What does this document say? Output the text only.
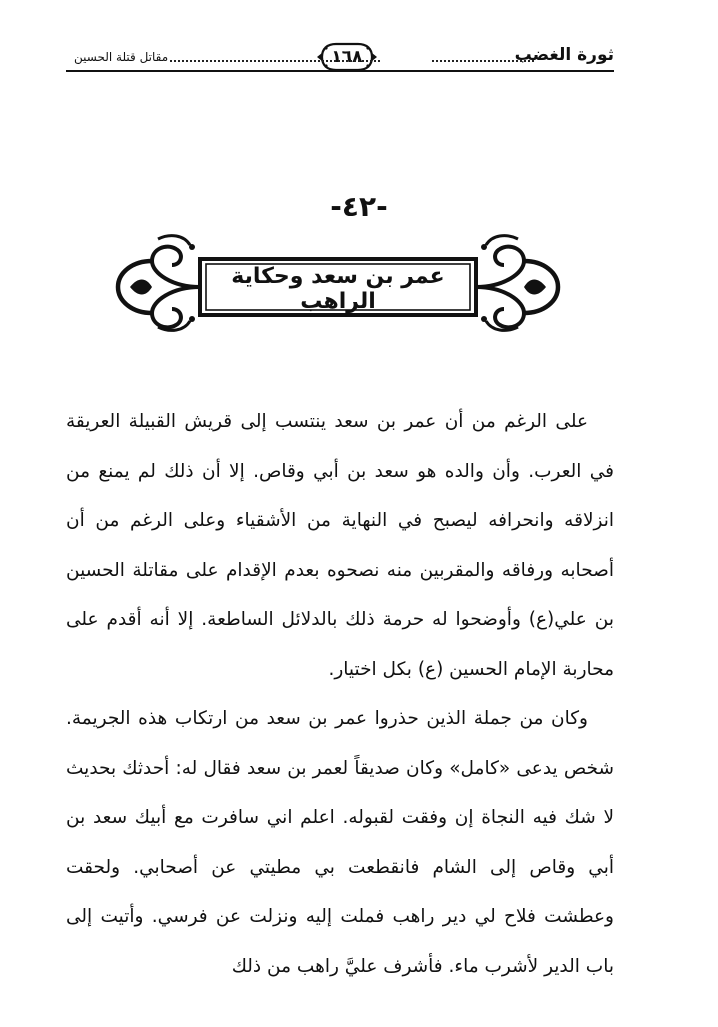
ثورة الغضب
١٦٨
مقاتل قتلة الحسين
-٤٢-
عمر بن سعد وحكاية الراهب

على الرغم من أن عمر بن سعد ينتسب إلى قريش القبيلة العريقة في العرب. وأن والده هو سعد بن أبي وقاص. إلا أن ذلك لم يمنع من انزلاقه وانحرافه ليصبح في النهاية من الأشقياء وعلى الرغم من أن أصحابه ورفاقه والمقربين منه نصحوه بعدم الإقدام على مقاتلة الحسين بن علي(ع) وأوضحوا له حرمة ذلك بالدلائل الساطعة. إلا أنه أقدم على محاربة الإمام الحسين (ع) بكل اختيار.

وكان من جملة الذين حذروا عمر بن سعد من ارتكاب هذه الجريمة. شخص يدعى «كامل» وكان صديقاً لعمر بن سعد فقال له: أحدثك بحديث لا شك فيه النجاة إن وفقت لقبوله. اعلم اني سافرت مع أبيك سعد بن أبي وقاص إلى الشام فانقطعت بي مطيتي عن أصحابي. ولحقت وعطشت فلاح لي دير راهب فملت إليه ونزلت عن فرسي. وأتيت إلى باب الدير لأشرب ماء. فأشرف عليَّ راهب من ذلك
